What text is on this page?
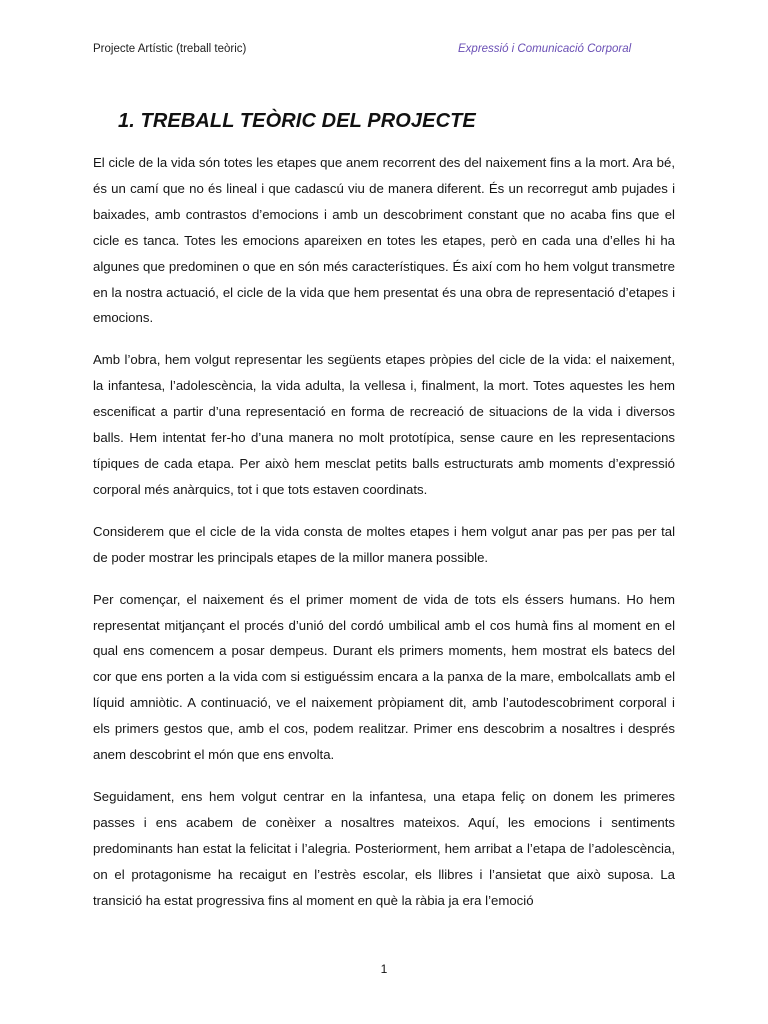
Projecte Artístic (treball teòric)	Expressió i Comunicació Corporal
1. TREBALL TEÒRIC DEL PROJECTE

El cicle de la vida són totes les etapes que anem recorrent des del naixement fins a la mort. Ara bé, és un camí que no és lineal i que cadascú viu de manera diferent. És un recorregut amb pujades i baixades, amb contrastos d’emocions i amb un descobriment constant que no acaba fins que el cicle es tanca. Totes les emocions apareixen en totes les etapes, però en cada una d’elles hi ha algunes que predominen o que en són més característiques. És així com ho hem volgut transmetre en la nostra actuació, el cicle de la vida que hem presentat és una obra de representació d’etapes i emocions.

Amb l’obra, hem volgut representar les següents etapes pròpies del cicle de la vida: el naixement, la infantesa, l’adolescència, la vida adulta, la vellesa i, finalment, la mort. Totes aquestes les hem escenificat a partir d’una representació en forma de recreació de situacions de la vida i diversos balls. Hem intentat fer-ho d’una manera no molt prototípica, sense caure en les representacions típiques de cada etapa. Per això hem mesclat petits balls estructurats amb moments d’expressió corporal més anàrquics, tot i que tots estaven coordinats.

Considerem que el cicle de la vida consta de moltes etapes i hem volgut anar pas per pas per tal de poder mostrar les principals etapes de la millor manera possible.

Per començar, el naixement és el primer moment de vida de tots els éssers humans. Ho hem representat mitjançant el procés d’unió del cordó umbilical amb el cos humà fins al moment en el qual ens comencem a posar dempeus. Durant els primers moments, hem mostrat els batecs del cor que ens porten a la vida com si estiguéssim encara a la panxa de la mare, embolcallats amb el líquid amniòtic. A continuació, ve el naixement pròpiament dit, amb l’autodescobriment corporal i els primers gestos que, amb el cos, podem realitzar. Primer ens descobrim a nosaltres i després anem descobrint el món que ens envolta.

Seguidament, ens hem volgut centrar en la infantesa, una etapa feliç on donem les primeres passes i ens acabem de conèixer a nosaltres mateixos. Aquí, les emocions i sentiments predominants han estat la felicitat i l’alegria. Posteriorment, hem arribat a l’etapa de l’adolescència, on el protagonisme ha recaigut en l’estrès escolar, els llibres i l’ansietat que això suposa. La transició ha estat progressiva fins al moment en què la ràbia ja era l’emoció

1
